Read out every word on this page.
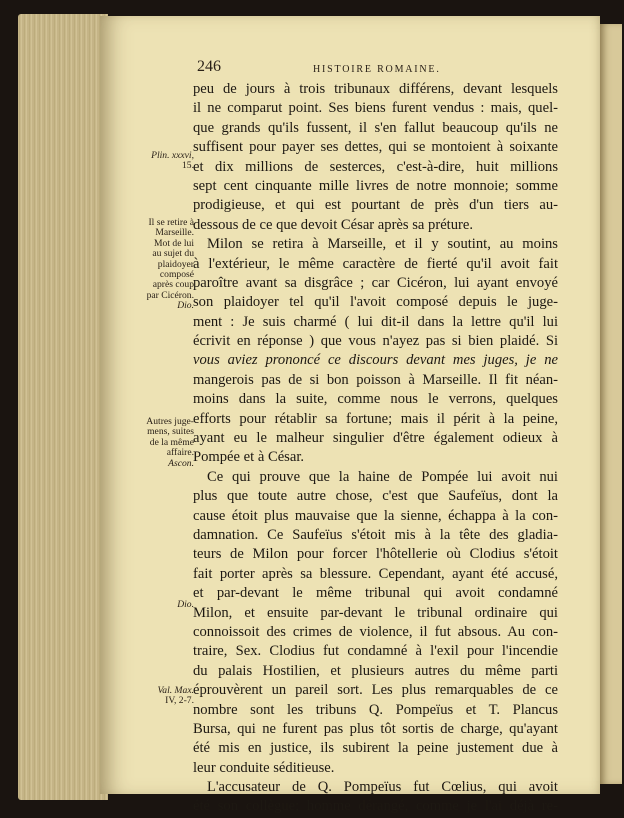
246	HISTOIRE ROMAINE.
Plin. xxxvi,
15.
Il se retire à
Marseille.
Mot de lui
au sujet du
plaidoyer
composé
après coup
par Cicéron.
Dio.
Autres juge-
mens, suites
de la même
affaire.
Ascon.
Dio.
Val. Max.
IV, 2-7.
peu de jours à trois tribunaux différens, devant lesquels
il ne comparut point. Ses biens furent vendus : mais, quel-
que grands qu'ils fussent, il s'en fallut beaucoup qu'ils ne
suffisent pour payer ses dettes, qui se montoient à soixante
et dix millions de sesterces, c'est-à-dire, huit millions
sept cent cinquante mille livres de notre monnoie; somme
prodigieuse, et qui est pourtant de près d'un tiers au-
dessous de ce que devoit César après sa préture.
Milon se retira à Marseille, et il y soutint, au moins
à l'extérieur, le même caractère de fierté qu'il avoit fait
paroître avant sa disgrâce ; car Cicéron, lui ayant envoyé
son plaidoyer tel qu'il l'avoit composé depuis le juge-
ment : Je suis charmé ( lui dit-il dans la lettre qu'il lui
écrivit en réponse ) que vous n'ayez pas si bien plaidé. Si
vous aviez prononcé ce discours devant mes juges, je ne
mangerois pas de si bon poisson à Marseille. Il fit néan-
moins dans la suite, comme nous le verrons, quelques
efforts pour rétablir sa fortune; mais il périt à la peine,
ayant eu le malheur singulier d'être également odieux à
Pompée et à César.
Ce qui prouve que la haine de Pompée lui avoit nui
plus que toute autre chose, c'est que Saufeïus, dont la
cause étoit plus mauvaise que la sienne, échappa à la con-
damnation. Ce Saufeïus s'étoit mis à la tête des gladia-
teurs de Milon pour forcer l'hôtellerie où Clodius s'étoit
fait porter après sa blessure. Cependant, ayant été accusé,
et par-devant le même tribunal qui avoit condamné
Milon, et ensuite par-devant le tribunal ordinaire qui
connoissoit des crimes de violence, il fut absous. Au con-
traire, Sex. Clodius fut condamné à l'exil pour l'incendie
du palais Hostilien, et plusieurs autres du même parti
éprouvèrent un pareil sort. Les plus remarquables de ce
nombre sont les tribuns Q. Pompeïus et T. Plancus
Bursa, qui ne furent pas plus tôt sortis de charge, qu'ayant
été mis en justice, ils subirent la peine justement due à
leur conduite séditieuse.
L'accusateur de Q. Pompeïus fut Cœlius, qui avoit
été son collègue; homme dérangé, comme je l'ai déjà re-
